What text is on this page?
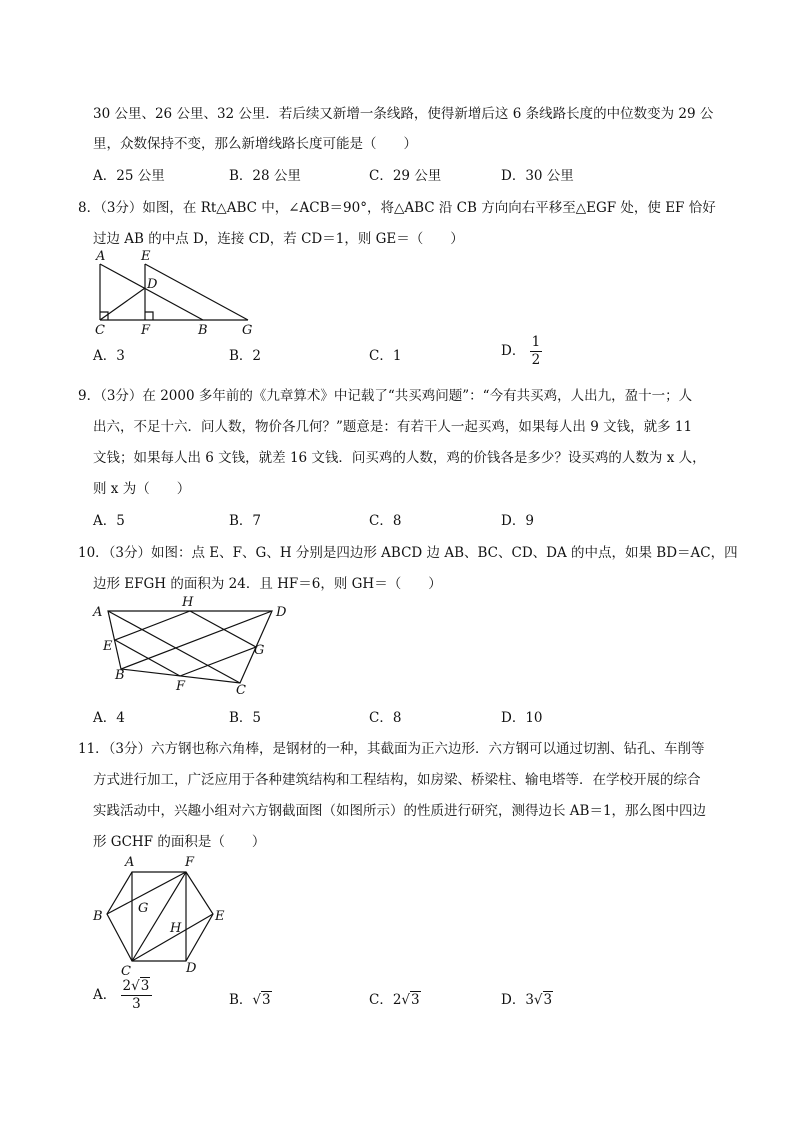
30 公里、26 公里、32 公里．若后续又新增一条线路，使得新增后这 6 条线路长度的中位数变为 29 公
里，众数保持不变，那么新增线路长度可能是（　　）
A．25 公里	B．28 公里	C．29 公里	D．30 公里
8．（3分）如图，在 Rt△ABC 中，∠ACB＝90°，将△ABC 沿 CB 方向向右平移至△EGF 处，使 EF 恰好
过边 AB 的中点 D，连接 CD，若 CD＝1，则 GE＝（　　）
A	E
D
C	F	B	G
A．3	B．2	C．1	D． $\frac{1}{2}$
9．（3分）在 2000 多年前的《九章算术》中记载了“共买鸡问题”：“今有共买鸡，人出九，盈十一；人
出六，不足十六．问人数，物价各几何？”题意是：有若干人一起买鸡，如果每人出 9 文钱，就多 11
文钱；如果每人出 6 文钱，就差 16 文钱．问买鸡的人数，鸡的价钱各是多少？设买鸡的人数为 x 人，
则 x 为（　　）
A．5	B．7	C．8	D．9
10．（3分）如图：点 E、F、G、H 分别是四边形 ABCD 边 AB、BC、CD、DA 的中点，如果 BD＝AC，四
边形 EFGH 的面积为 24．且 HF＝6，则 GH＝（　　）
A
H
D
E	G
B
F	C
A．4	B．5	C．8	D．10
11．（3分）六方钢也称六角棒，是钢材的一种，其截面为正六边形．六方钢可以通过切割、钻孔、车削等
方式进行加工，广泛应用于各种建筑结构和工程结构，如房梁、桥梁柱、输电塔等．在学校开展的综合
实践活动中，兴趣小组对六方钢截面图（如图所示）的性质进行研究，测得边长 AB＝1，那么图中四边
形 GCHF 的面积是（　　）
A	F
B
G
E
H
C	D
A． $\frac{2√3}{3}$	B．√3	C．2√3	D．3√3
